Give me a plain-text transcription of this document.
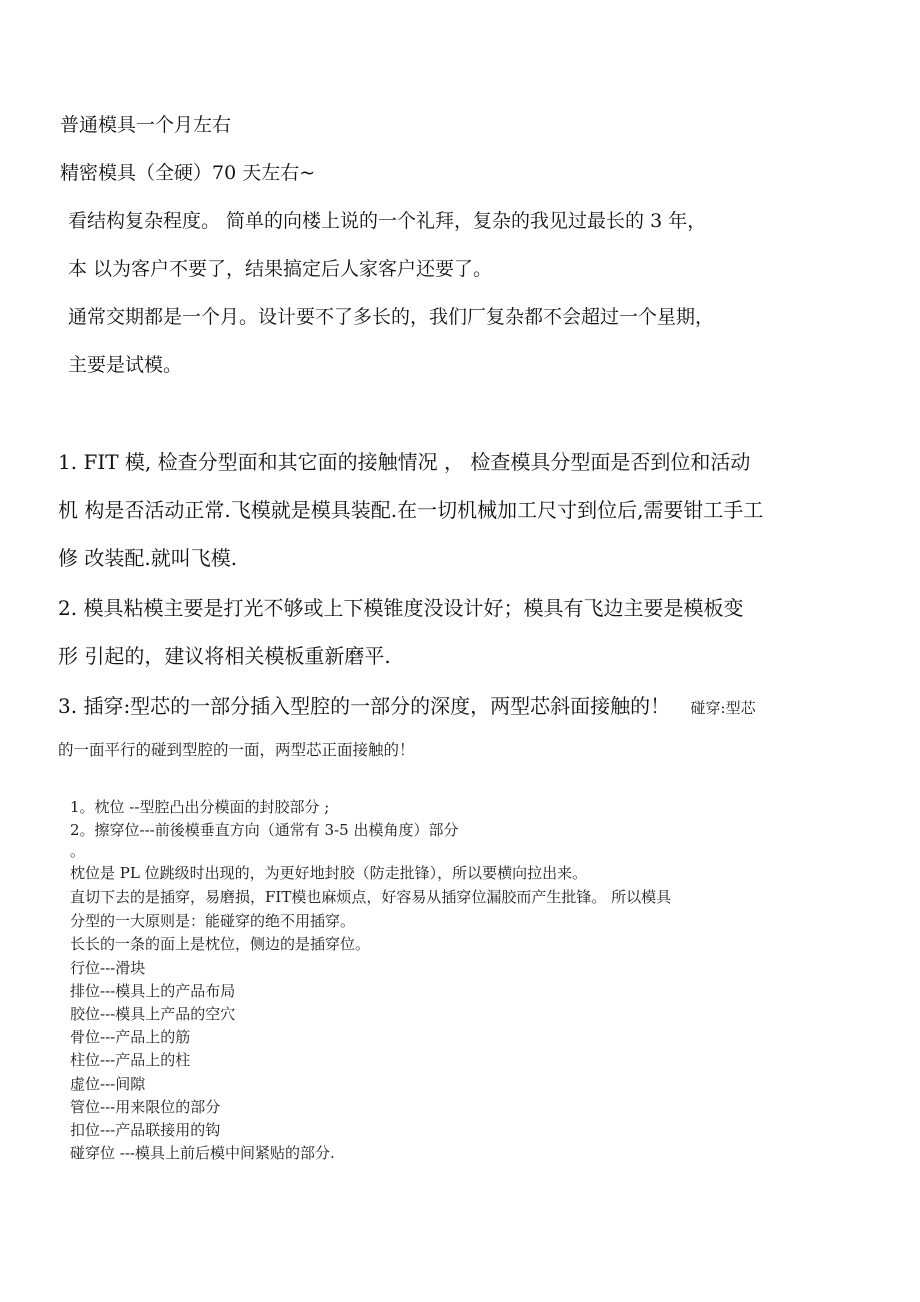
普通模具一个月左右
精密模具（全硬）70 天左右~
看结构复杂程度。 简单的向楼上说的一个礼拜，复杂的我见过最长的 3 年，
本 以为客户不要了，结果搞定后人家客户还要了。
通常交期都是一个月。设计要不了多长的，我们厂复杂都不会超过一个星期，
主要是试模。
1. FIT 模, 检查分型面和其它面的接触情况 ， 检查模具分型面是否到位和活动
机 构是否活动正常.飞模就是模具装配.在一切机械加工尺寸到位后,需要钳工手工
修 改装配.就叫飞模.
2. 模具粘模主要是打光不够或上下模锥度没设计好；模具有飞边主要是模板变
形 引起的，建议将相关模板重新磨平.
3. 插穿:型芯的一部分插入型腔的一部分的深度，两型芯斜面接触的！ 碰穿:型芯
的一面平行的碰到型腔的一面，两型芯正面接触的！
1。枕位 --型腔凸出分模面的封胶部分 ;
2。擦穿位---前後模垂直方向（通常有 3-5 出模角度）部分
。
枕位是 PL 位跳级时出现的，为更好地封胶（防走批锋），所以要横向拉出来。
直切下去的是插穿，易磨损，FIT模也麻烦点，好容易从插穿位漏胶而产生批锋。 所以模具
分型的一大原则是：能碰穿的绝不用插穿。
长长的一条的面上是枕位，侧边的是插穿位。
行位---滑块
排位---模具上的产品布局
胶位---模具上产品的空穴
骨位---产品上的筋
柱位---产品上的柱
虚位---间隙
管位---用来限位的部分
扣位---产品联接用的钩
碰穿位 ---模具上前后模中间紧贴的部分.
